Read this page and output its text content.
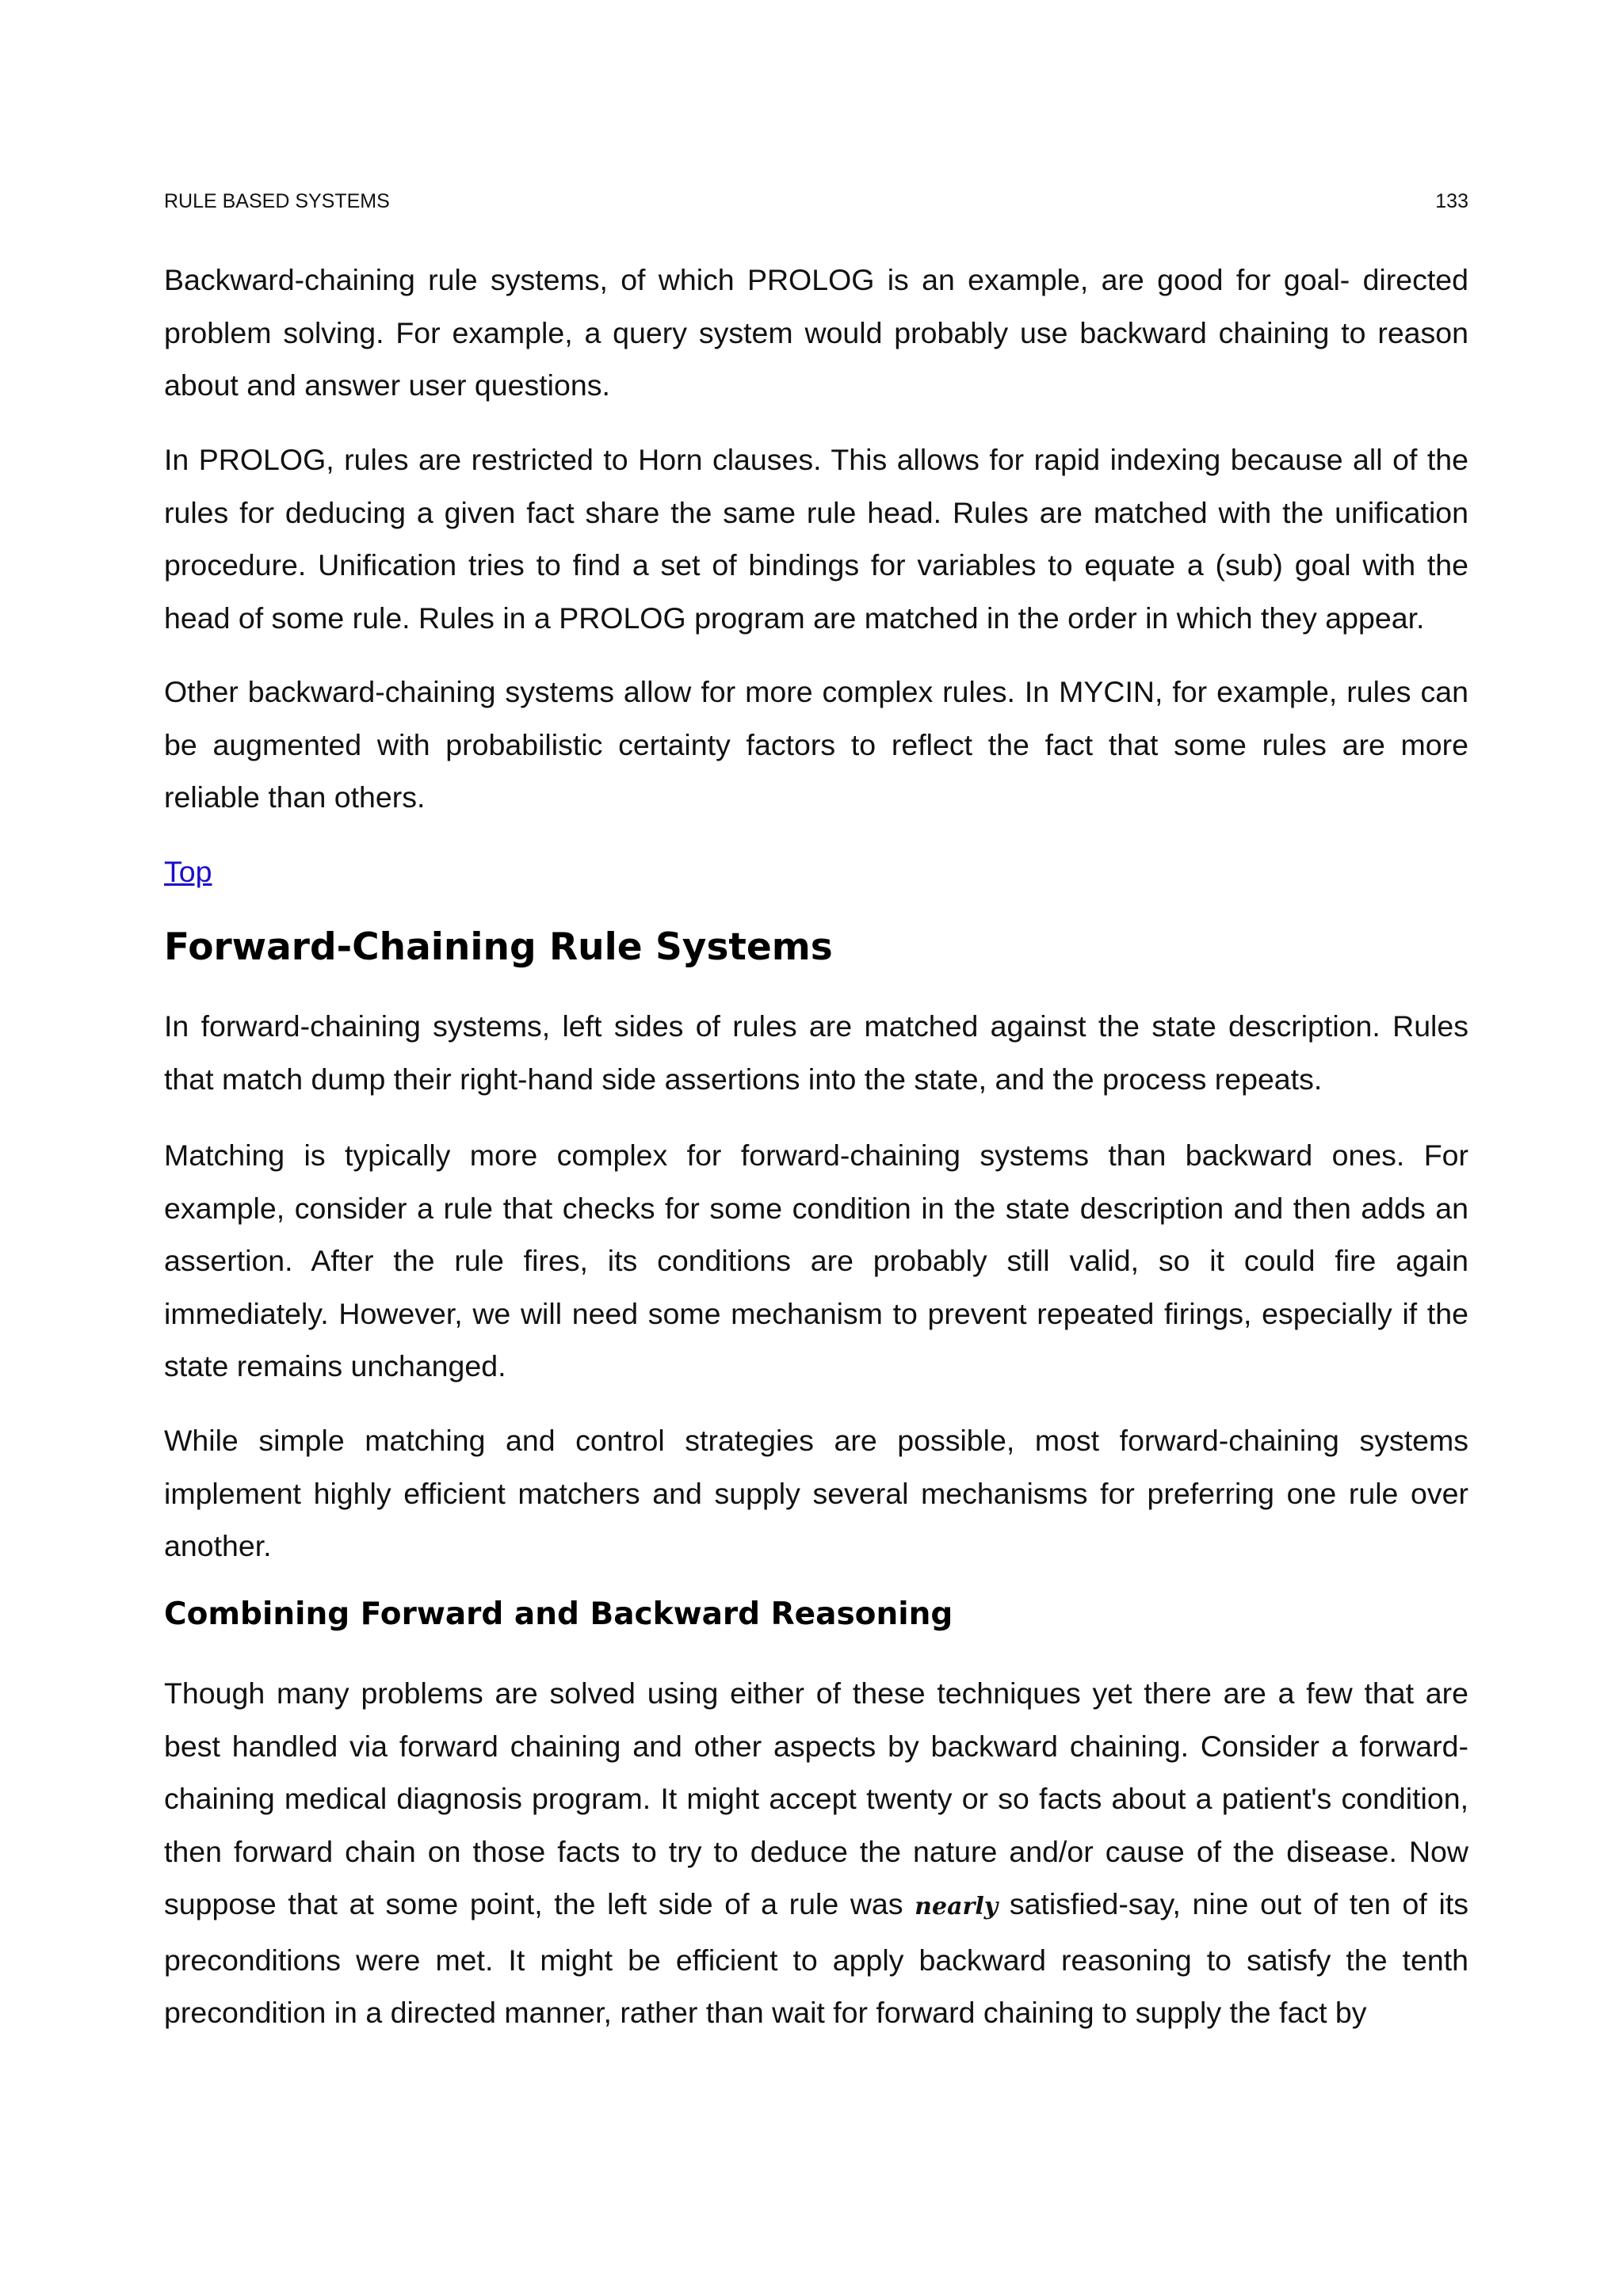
RULE BASED SYSTEMS	133

Backward-chaining rule systems, of which PROLOG is an example, are good for goal- directed problem solving. For example, a query system would probably use backward chaining to reason about and answer user questions.

In PROLOG, rules are restricted to Horn clauses. This allows for rapid indexing because all of the rules for deducing a given fact share the same rule head. Rules are matched with the unification procedure. Unification tries to find a set of bindings for variables to equate a (sub) goal with the head of some rule. Rules in a PROLOG program are matched in the order in which they appear.

Other backward-chaining systems allow for more complex rules. In MYCIN, for example, rules can be augmented with probabilistic certainty factors to reflect the fact that some rules are more reliable than others.

Top
Forward-Chaining Rule Systems

In forward-chaining systems, left sides of rules are matched against the state description. Rules that match dump their right-hand side assertions into the state, and the process repeats.

Matching is typically more complex for forward-chaining systems than backward ones. For example, consider a rule that checks for some condition in the state description and then adds an assertion. After the rule fires, its conditions are probably still valid, so it could fire again immediately. However, we will need some mechanism to prevent repeated firings, especially if the state remains unchanged.

While simple matching and control strategies are possible, most forward-chaining systems implement highly efficient matchers and supply several mechanisms for preferring one rule over another.

Combining Forward and Backward Reasoning

Though many problems are solved using either of these techniques yet there are a few that are best handled via forward chaining and other aspects by backward chaining. Consider a forward-chaining medical diagnosis program. It might accept twenty or so facts about a patient's condition, then forward chain on those facts to try to deduce the nature and/or cause of the disease. Now suppose that at some point, the left side of a rule was nearly satisfied-say, nine out of ten of its preconditions were met. It might be efficient to apply backward reasoning to satisfy the tenth precondition in a directed manner, rather than wait for forward chaining to supply the fact by
